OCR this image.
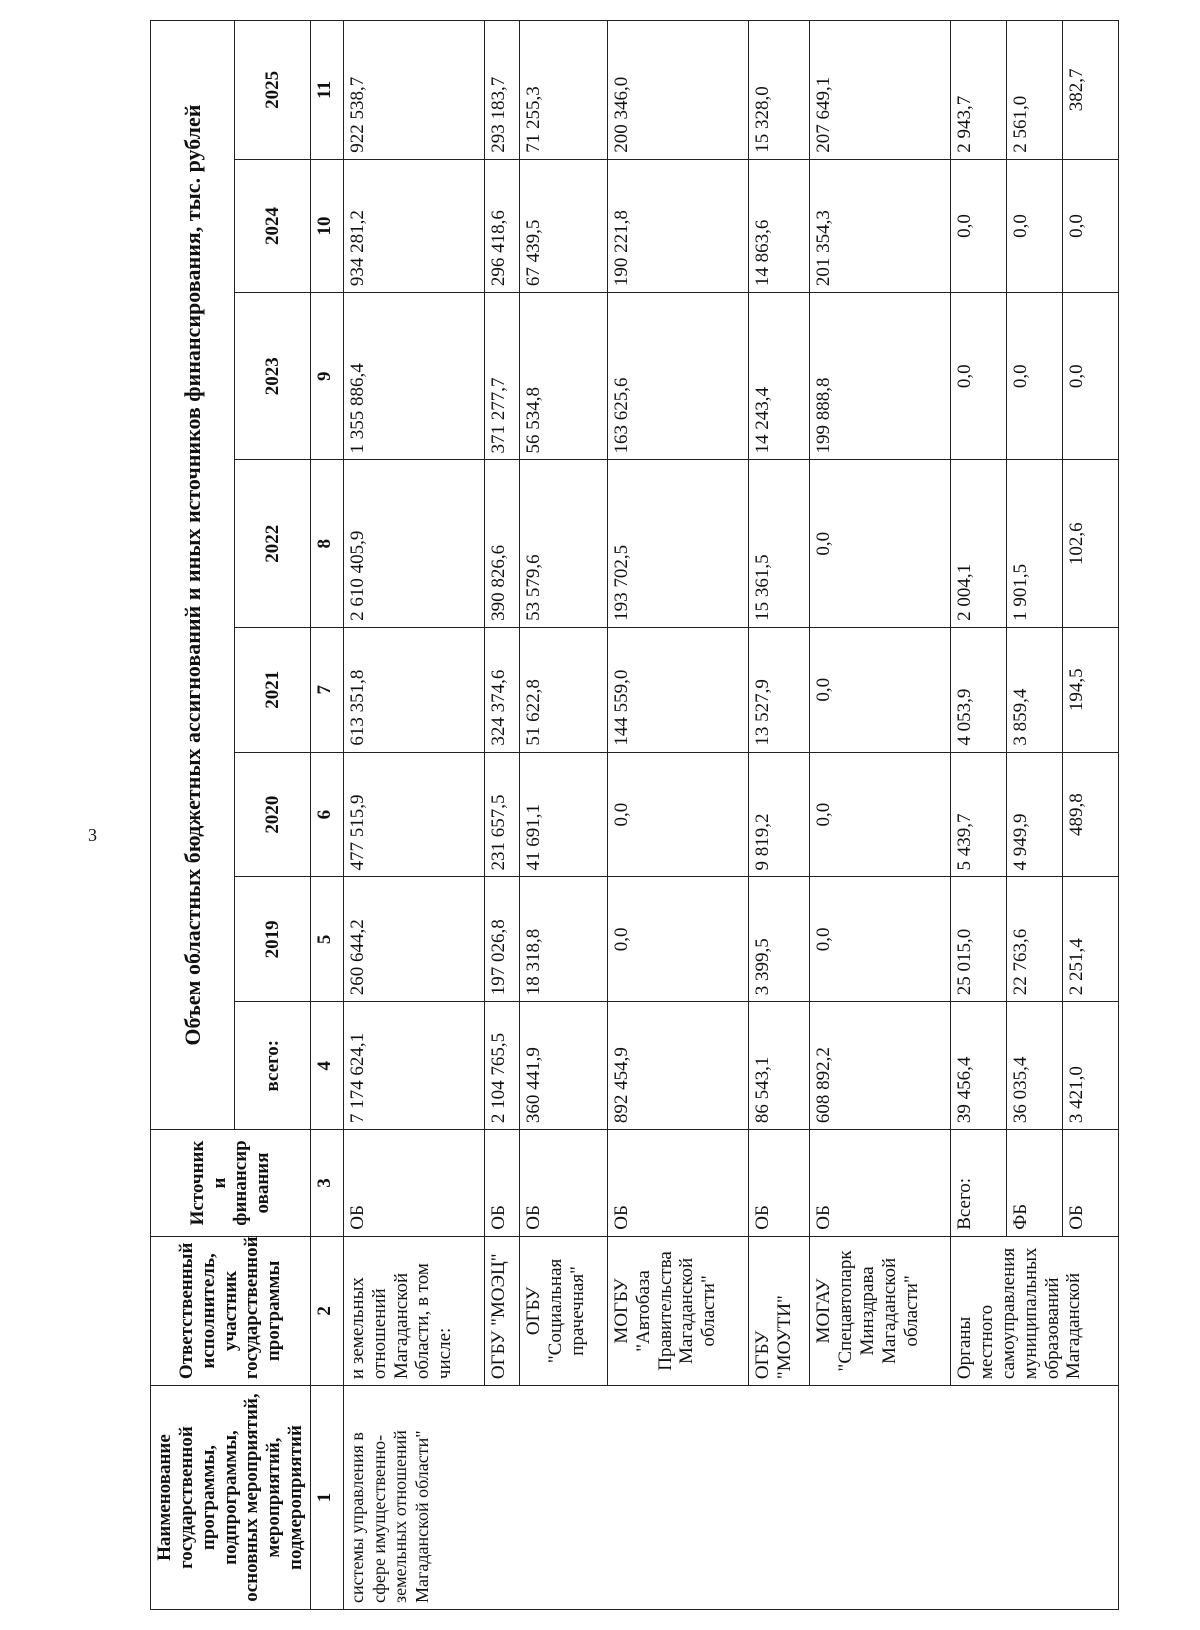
3
Наименование государственной программы, подпрограммы, основных мероприятий, мероприятий, подмероприятий	Ответственный исполнитель, участник государственной программы	Источник и финансир ования	Объем областных бюджетных ассигнований и иных источников финансирования, тыс. рублей							
			всего:	2019	2020	2021	2022	2023	2024	2025
1	2	3	4	5	6	7	8	9	10	11
системы управления в сфере имущественно-земельных отношений Магаданской области"	и земельных отношений Магаданской области, в том числе:	ОБ	7 174 624,1	260 644,2	477 515,9	613 351,8	2 610 405,9	1 355 886,4	934 281,2	922 538,7
	ОГБУ "МОЭЦ"	ОБ	2 104 765,5	197 026,8	231 657,5	324 374,6	390 826,6	371 277,7	296 418,6	293 183,7
	ОГБУ "Социальная прачечная"	ОБ	360 441,9	18 318,8	41 691,1	51 622,8	53 579,6	56 534,8	67 439,5	71 255,3
	МОГБУ "Автобаза Правительства Магаданской области"	ОБ	892 454,9	0,0	0,0	144 559,0	193 702,5	163 625,6	190 221,8	200 346,0
	ОГБУ "МОУТИ"	ОБ	86 543,1	3 399,5	9 819,2	13 527,9	15 361,5	14 243,4	14 863,6	15 328,0
	МОГАУ "Спецавтопарк Минздрава Магаданской области"	ОБ	608 892,2	0,0	0,0	0,0	0,0	199 888,8	201 354,3	207 649,1
	Органы местного самоуправления муниципальных образований Магаданской	Всего:	39 456,4	25 015,0	5 439,7	4 053,9	2 004,1	0,0	0,0	2 943,7
		ФБ	36 035,4	22 763,6	4 949,9	3 859,4	1 901,5	0,0	0,0	2 561,0
		ОБ	3 421,0	2 251,4	489,8	194,5	102,6	0,0	0,0	382,7
